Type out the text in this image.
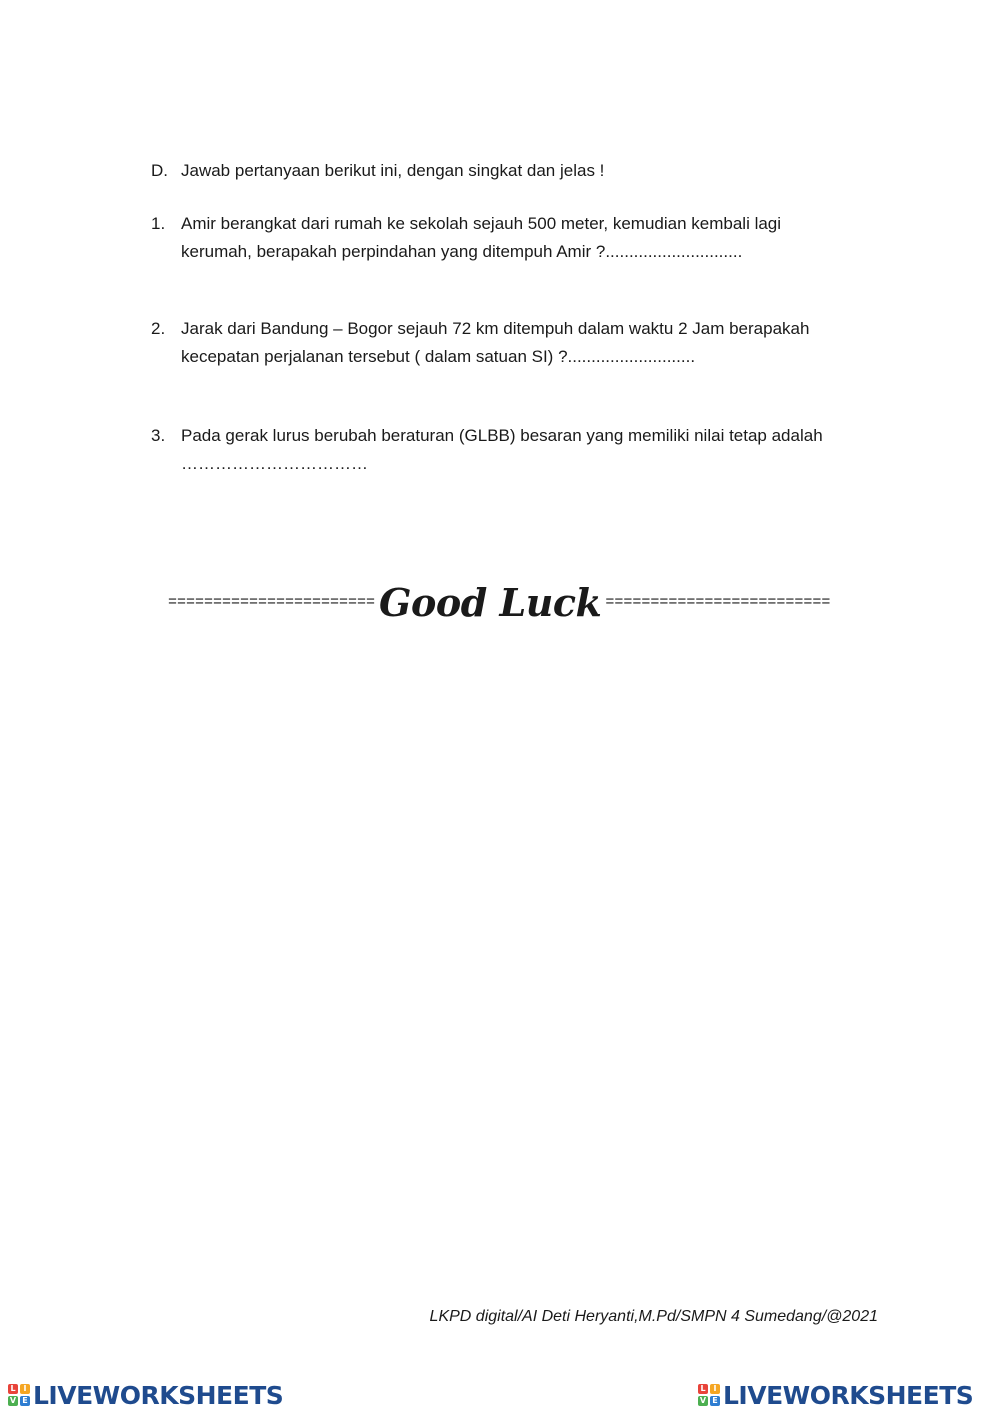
D. Jawab pertanyaan berikut ini, dengan singkat dan jelas !
1. Amir berangkat dari rumah ke sekolah sejauh 500 meter, kemudian kembali lagi
kerumah, berapakah perpindahan yang ditempuh Amir ?.............................
2. Jarak dari Bandung – Bogor sejauh 72 km ditempuh dalam waktu 2 Jam berapakah
kecepatan perjalanan tersebut ( dalam satuan SI) ?...........................
3. Pada gerak lurus berubah beraturan (GLBB) besaran yang memiliki nilai tetap adalah
……………………………
======================= Good Luck =========================
LKPD digital/AI Deti Heryanti,M.Pd/SMPN 4 Sumedang/@2021
L I
V E LIVEWORKSHEETS	L I
V E LIVEWORKSHEETS
